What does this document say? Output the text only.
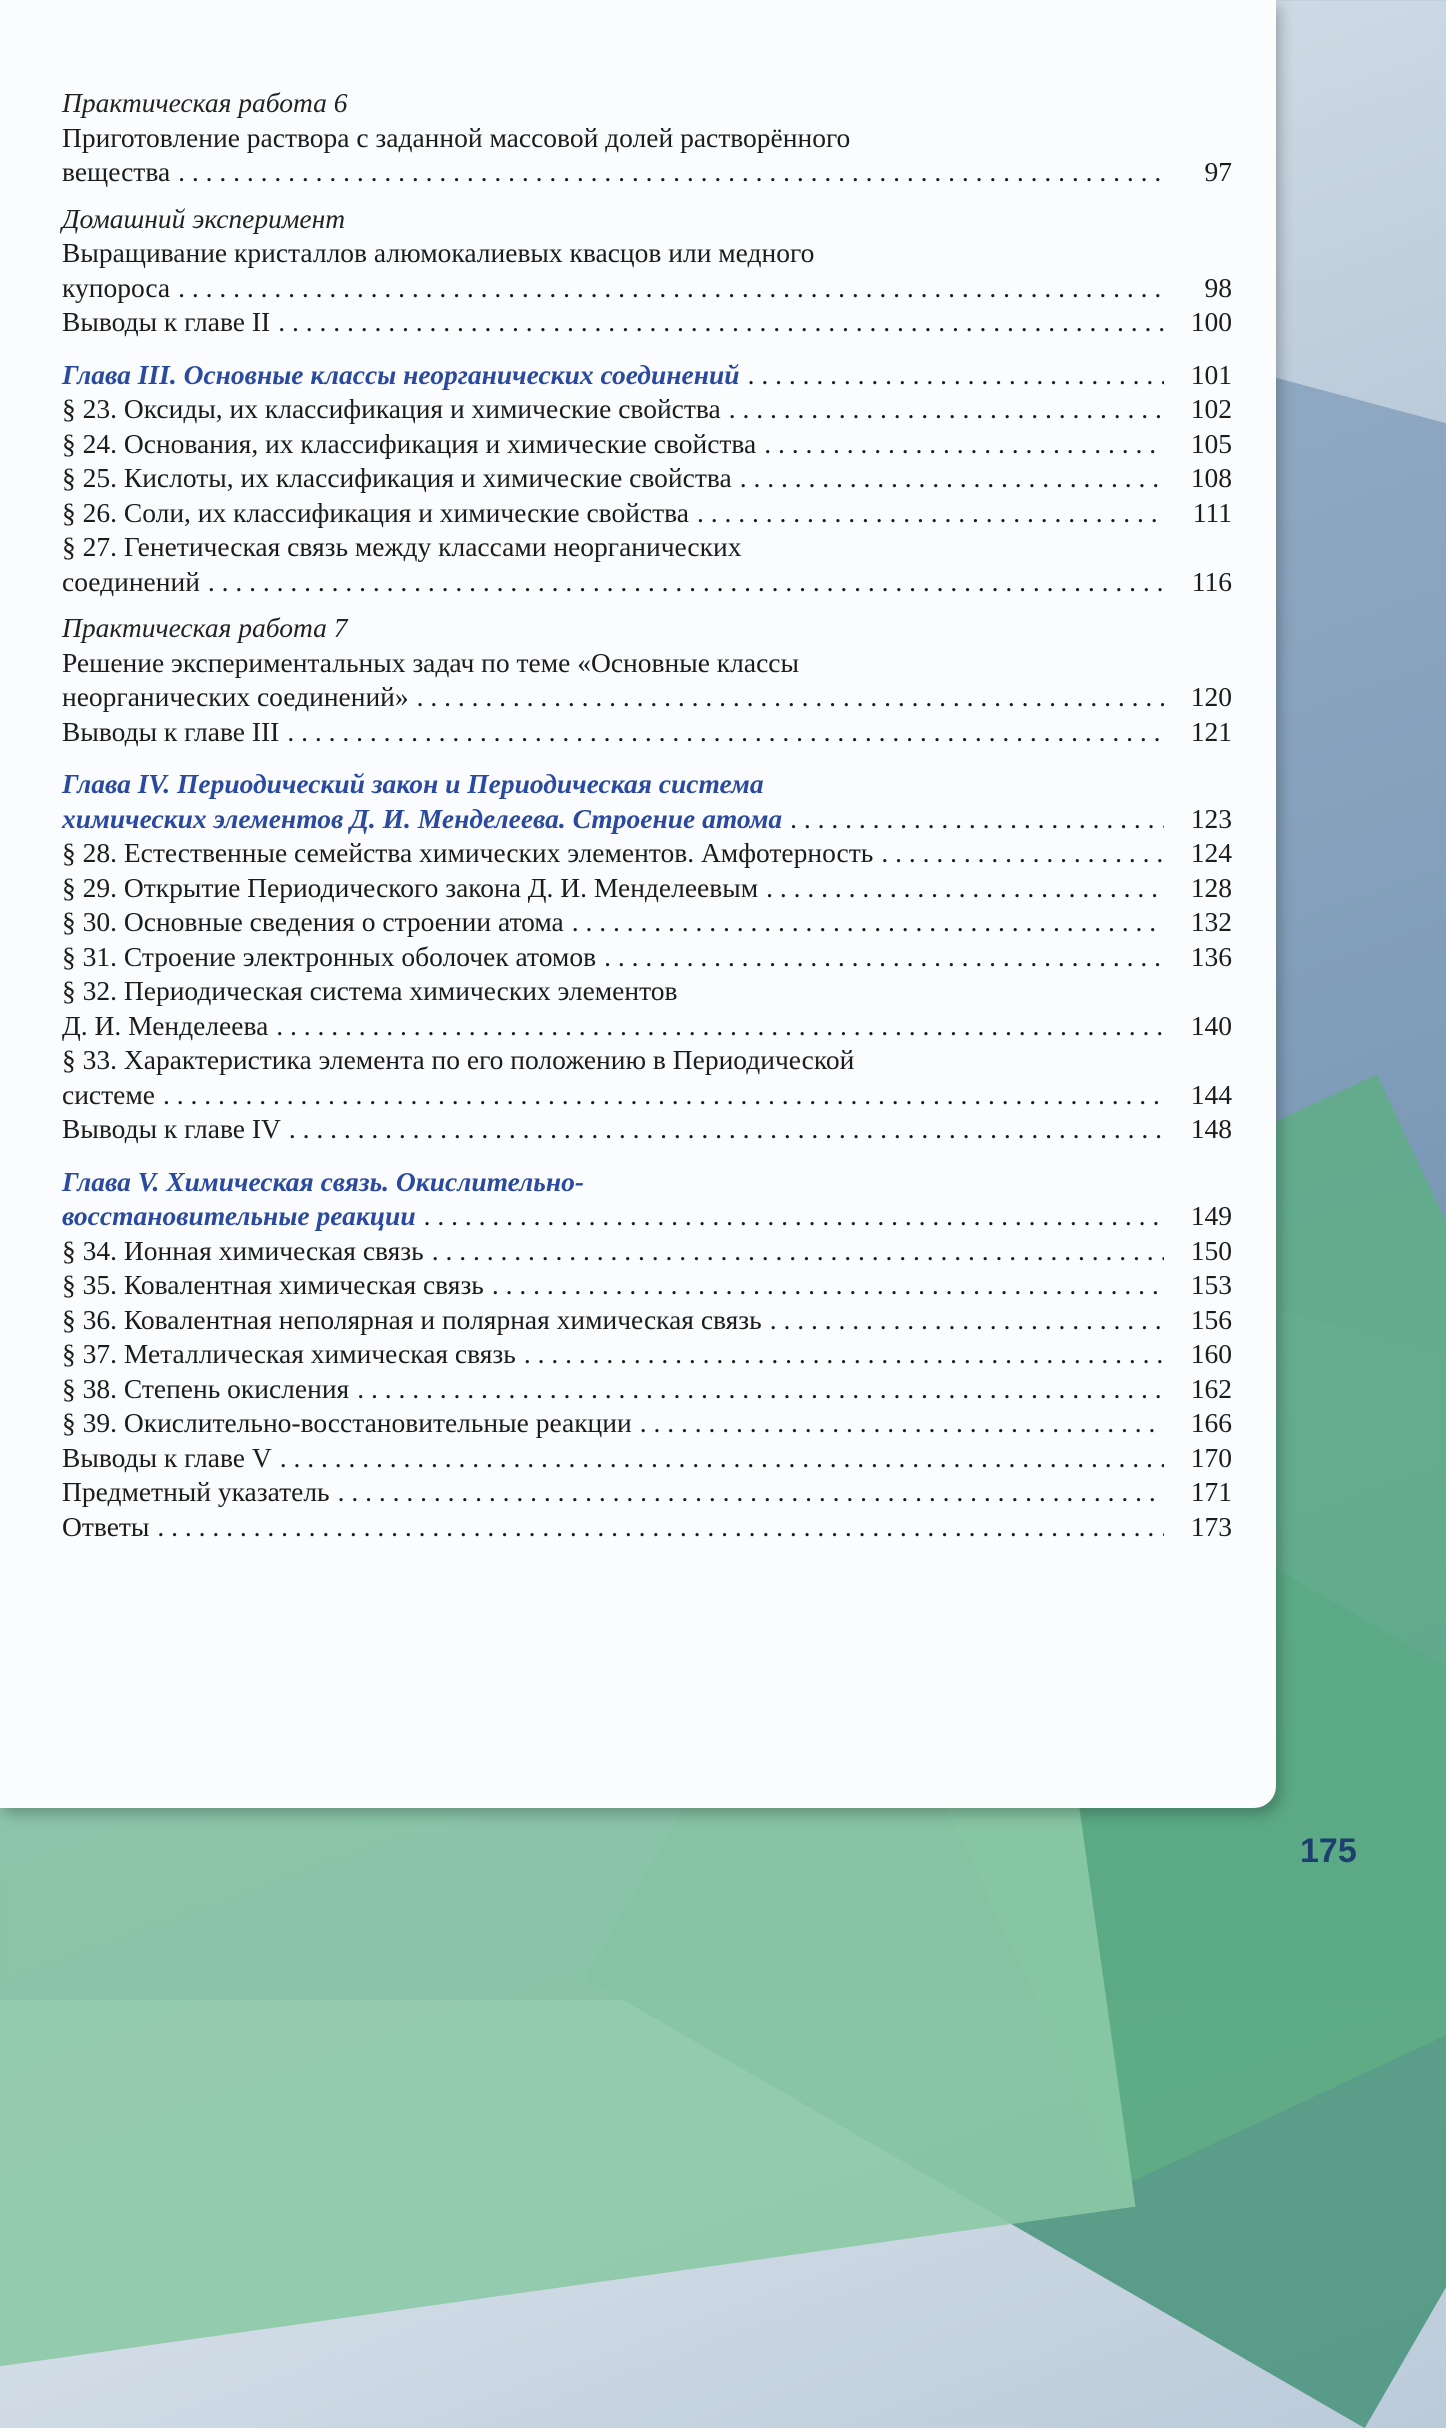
Практическая работа 6
Приготовление раствора с заданной массовой долей растворённого
вещества . . .	97
Домашний эксперимент
Выращивание кристаллов алюмокалиевых квасцов или медного
купороса . . .	98
Выводы к главе II . . .	100
Глава III. Основные классы неорганических соединений . . .	101
§ 23. Оксиды, их классификация и химические свойства . . .	102
§ 24. Основания, их классификация и химические свойства . . .	105
§ 25. Кислоты, их классификация и химические свойства . . .	108
§ 26. Соли, их классификация и химические свойства . . .	111
§ 27. Генетическая связь между классами неорганических
соединений . . .	116
Практическая работа 7
Решение экспериментальных задач по теме «Основные классы
неорганических соединений» . . .	120
Выводы к главе III . . .	121
Глава IV. Периодический закон и Периодическая система
химических элементов Д. И. Менделеева. Строение атома . . .	123
§ 28. Естественные семейства химических элементов. Амфотерность . . .	124
§ 29. Открытие Периодического закона Д. И. Менделеевым . . .	128
§ 30. Основные сведения о строении атома . . .	132
§ 31. Строение электронных оболочек атомов . . .	136
§ 32. Периодическая система химических элементов
Д. И. Менделеева . . .	140
§ 33. Характеристика элемента по его положению в Периодической
системе . . .	144
Выводы к главе IV . . .	148
Глава V. Химическая связь. Окислительно-
восстановительные реакции . . .	149
§ 34. Ионная химическая связь . . .	150
§ 35. Ковалентная химическая связь . . .	153
§ 36. Ковалентная неполярная и полярная химическая связь . . .	156
§ 37. Металлическая химическая связь . . .	160
§ 38. Степень окисления . . .	162
§ 39. Окислительно-восстановительные реакции . . .	166
Выводы к главе V . . .	170
Предметный указатель . . .	171
Ответы . . .	173
175
